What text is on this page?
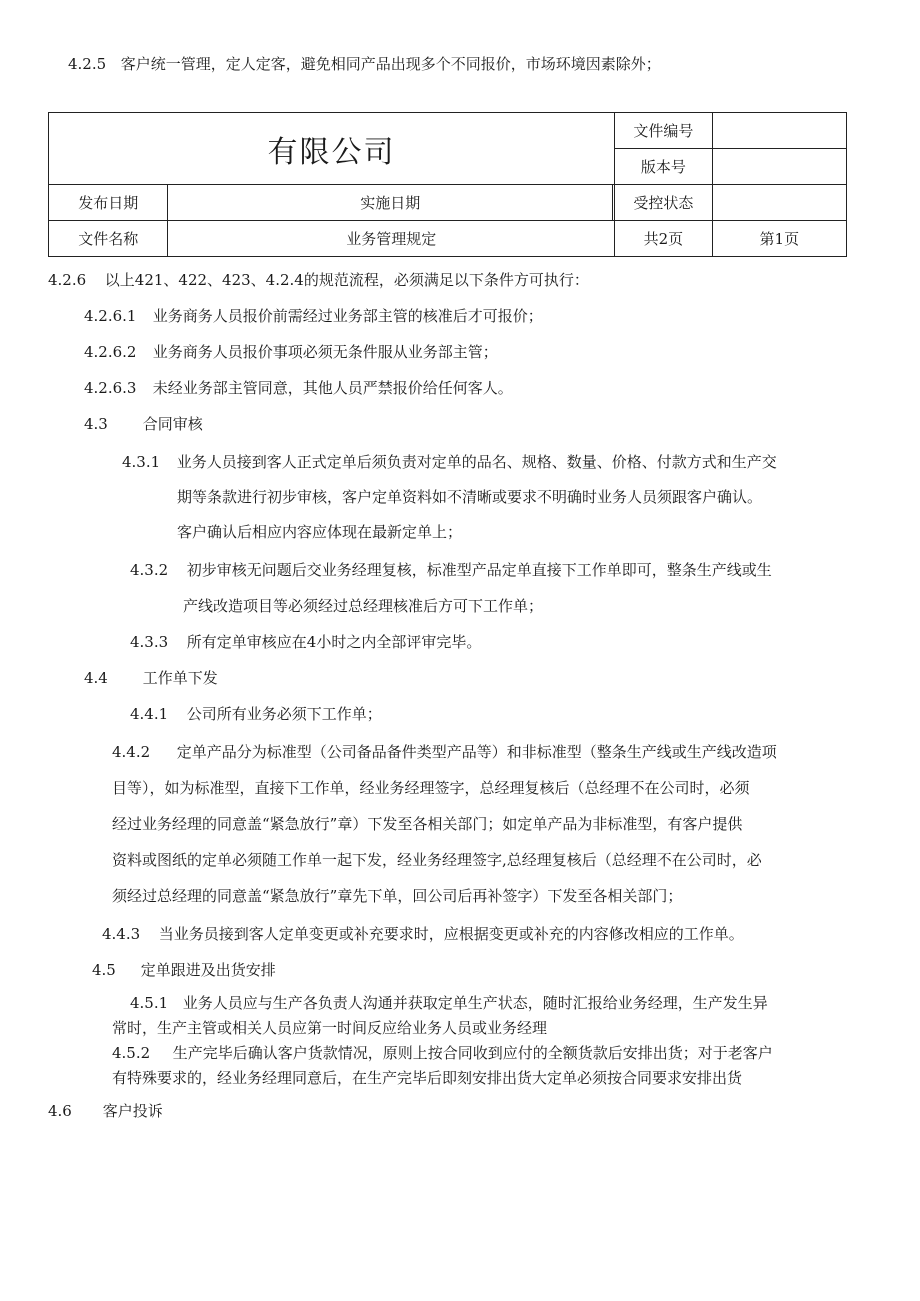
4.2.5 客户统一管理，定人定客，避免相同产品出现多个不同报价，市场环境因素除外；
有限公司			文件编号	
			版本号	
发布日期	实施日期		受控状态	
文件名称	业务管理规定		共2页	第1页
4.2.6 以上421、422、423、4.2.4的规范流程，必须满足以下条件方可执行：
4.2.6.1 业务商务人员报价前需经过业务部主管的核准后才可报价；
4.2.6.2 业务商务人员报价事项必须无条件服从业务部主管；
4.2.6.3 未经业务部主管同意，其他人员严禁报价给任何客人。
4.3 合同审核
4.3.1 业务人员接到客人正式定单后须负责对定单的品名、规格、数量、价格、付款方式和生产交
期等条款进行初步审核，客户定单资料如不清晰或要求不明确时业务人员须跟客户确认。
客户确认后相应内容应体现在最新定单上；
4.3.2 初步审核无问题后交业务经理复核，标准型产品定单直接下工作单即可，整条生产线或生
产线改造项目等必须经过总经理核准后方可下工作单；
4.3.3 所有定单审核应在4小时之内全部评审完毕。
4.4 工作单下发
4.4.1 公司所有业务必须下工作单；
4.4.2 定单产品分为标准型（公司备品备件类型产品等）和非标准型（整条生产线或生产线改造项
目等），如为标准型，直接下工作单，经业务经理签字，总经理复核后（总经理不在公司时，必须
经过业务经理的同意盖“紧急放行”章）下发至各相关部门；如定单产品为非标准型，有客户提供
资料或图纸的定单必须随工作单一起下发，经业务经理签字,总经理复核后（总经理不在公司时，必
须经过总经理的同意盖“紧急放行”章先下单，回公司后再补签字）下发至各相关部门；
4.4.3 当业务员接到客人定单变更或补充要求时，应根据变更或补充的内容修改相应的工作单。
4.5 定单跟进及出货安排
4.5.1 业务人员应与生产各负责人沟通并获取定单生产状态，随时汇报给业务经理，生产发生异
常时，生产主管或相关人员应第一时间反应给业务人员或业务经理
4.5.2 生产完毕后确认客户货款情况，原则上按合同收到应付的全额货款后安排出货；对于老客户
有特殊要求的，经业务经理同意后，在生产完毕后即刻安排出货大定单必须按合同要求安排出货
4.6 客户投诉
